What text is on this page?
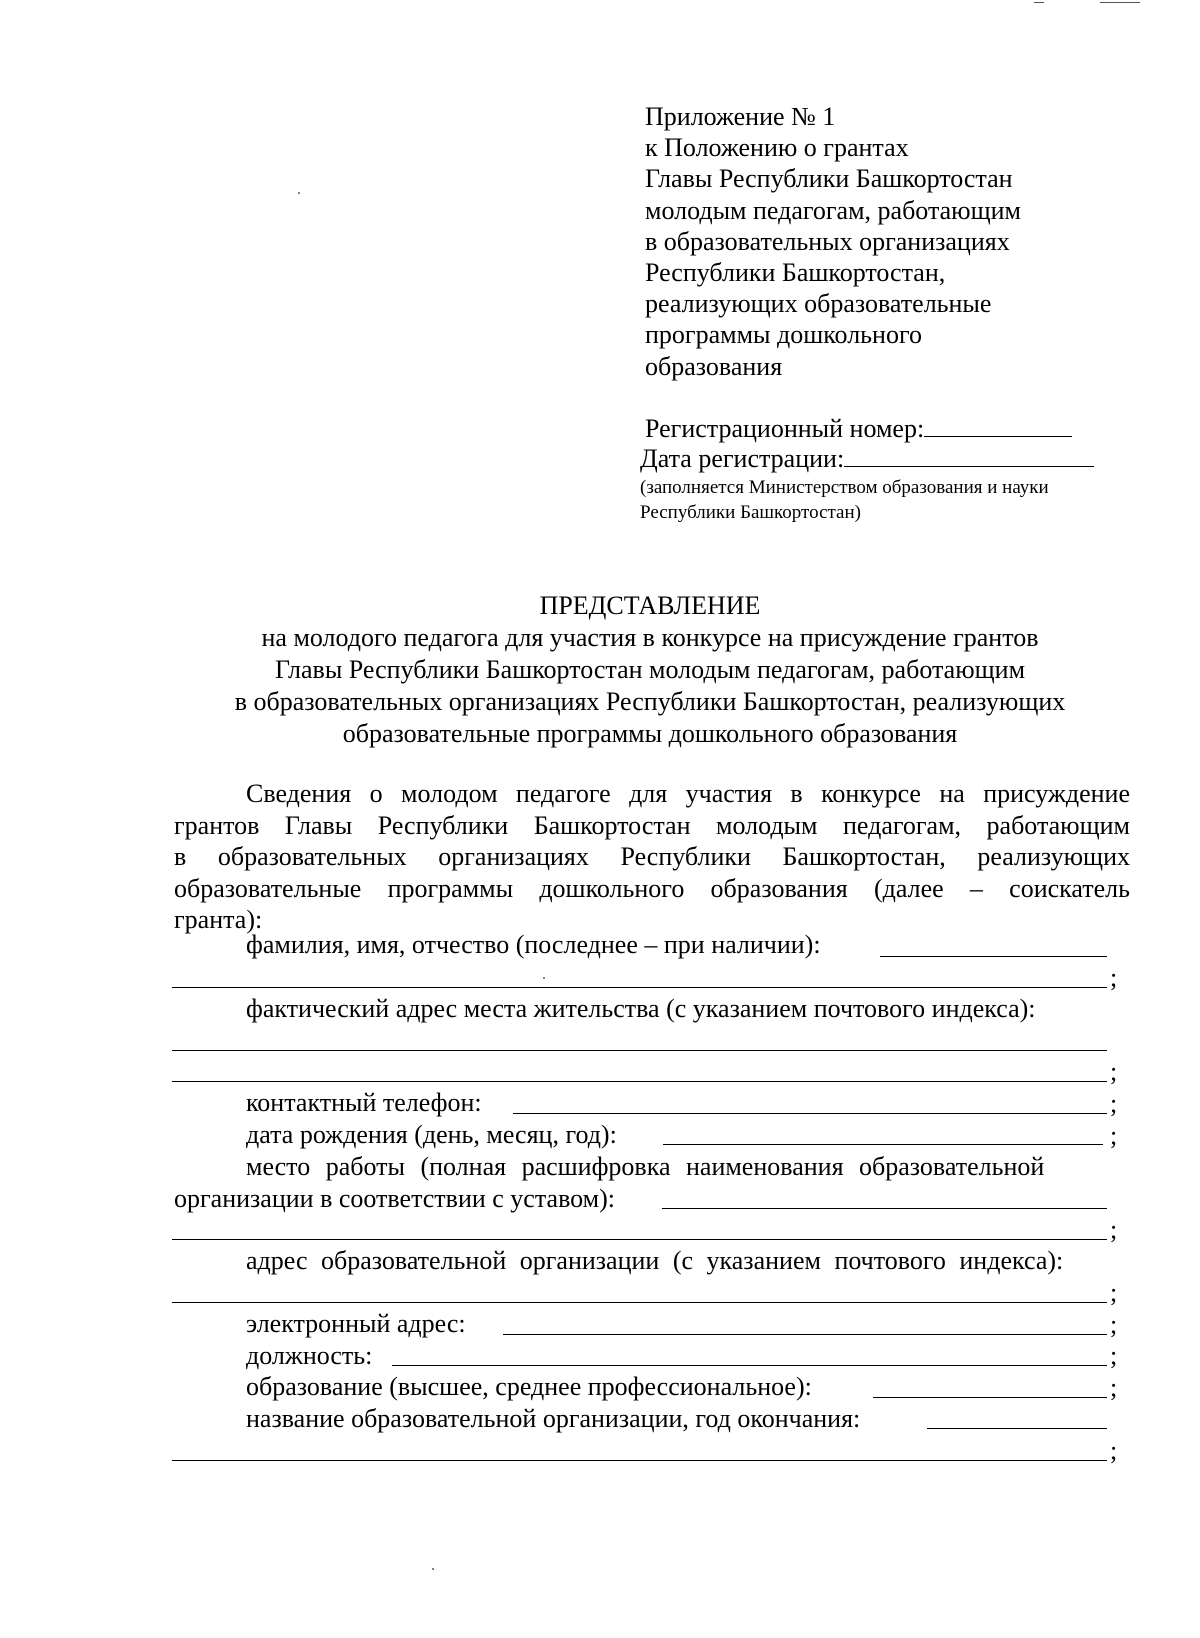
Приложение № 1
к Положению о грантах
Главы Республики Башкортостан
молодым педагогам, работающим
в образовательных организациях
Республики Башкортостан,
реализующих образовательные
программы дошкольного
образования
Регистрационный номер:
Дата регистрации:
(заполняется Министерством образования и науки
Республики Башкортостан)
ПРЕДСТАВЛЕНИЕ
на молодого педагога для участия в конкурсе на присуждение грантов
Главы Республики Башкортостан молодым педагогам, работающим
в образовательных организациях Республики Башкортостан, реализующих
образовательные программы дошкольного образования
Сведения о молодом педагоге для участия в конкурсе на присуждение
грантов Главы Республики Башкортостан молодым педагогам, работающим
в образовательных организациях Республики Башкортостан, реализующих
образовательные программы дошкольного образования (далее – соискатель
гранта):
фамилия, имя, отчество (последнее – при наличии):
;
фактический адрес места жительства (с указанием почтового индекса):
;
контактный телефон:	;
дата рождения (день, месяц, год):	;
место работы (полная расшифровка наименования образовательной
организации в соответствии с уставом):
;
адрес образовательной организации (с указанием почтового индекса):
;
электронный адрес:	;
должность:	;
образование (высшее, среднее профессиональное):	;
название образовательной организации, год окончания:
;
